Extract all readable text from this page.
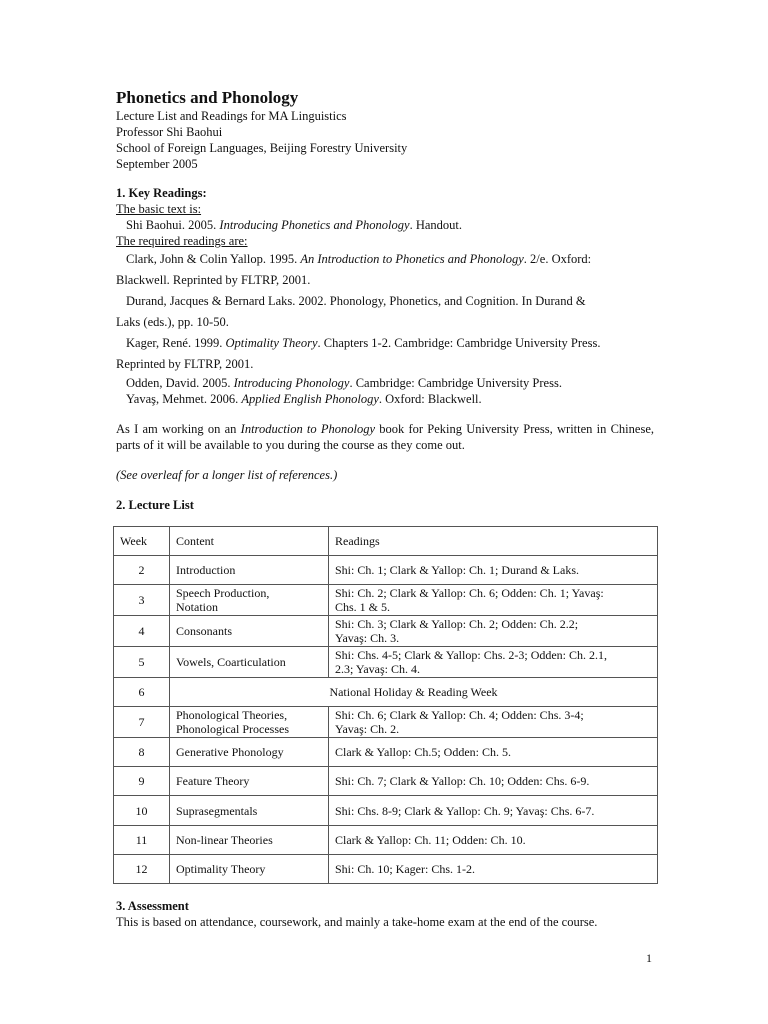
Phonetics and Phonology

Lecture List and Readings for MA Linguistics

Professor Shi Baohui

School of Foreign Languages, Beijing Forestry University

September 2005

1. Key Readings:

The basic text is:

Shi Baohui. 2005. Introducing Phonetics and Phonology. Handout.

The required readings are:

Clark, John & Colin Yallop. 1995. An Introduction to Phonetics and Phonology. 2/e. Oxford:
Blackwell. Reprinted by FLTRP, 2001.

Durand, Jacques & Bernard Laks. 2002. Phonology, Phonetics, and Cognition. In Durand &
Laks (eds.), pp. 10-50.

Kager, René. 1999. Optimality Theory. Chapters 1-2. Cambridge: Cambridge University Press.
Reprinted by FLTRP, 2001.

Odden, David. 2005. Introducing Phonology. Cambridge: Cambridge University Press.

Yavaş, Mehmet. 2006. Applied English Phonology. Oxford: Blackwell.

As I am working on an Introduction to Phonology book for Peking University Press, written in Chinese, parts of it will be available to you during the course as they come out.

(See overleaf for a longer list of references.)

2. Lecture List

Week	Content	Readings
2	Introduction	Shi: Ch. 1; Clark & Yallop: Ch. 1; Durand & Laks.
3	Speech Production,
Notation	Shi: Ch. 2; Clark & Yallop: Ch. 6; Odden: Ch. 1; Yavaş:
Chs. 1 & 5.
4	Consonants	Shi: Ch. 3; Clark & Yallop: Ch. 2; Odden: Ch. 2.2;
Yavaş: Ch. 3.
5	Vowels, Coarticulation	Shi: Chs. 4-5; Clark & Yallop: Chs. 2-3; Odden: Ch. 2.1,
2.3; Yavaş: Ch. 4.
6	National Holiday & Reading Week	
7	Phonological Theories,
Phonological Processes	Shi: Ch. 6; Clark & Yallop: Ch. 4; Odden: Chs. 3-4;
Yavaş: Ch. 2.
8	Generative Phonology	Clark & Yallop: Ch.5; Odden: Ch. 5.
9	Feature Theory	Shi: Ch. 7; Clark & Yallop: Ch. 10; Odden: Chs. 6-9.
10	Suprasegmentals	Shi: Chs. 8-9; Clark & Yallop: Ch. 9; Yavaş: Chs. 6-7.
11	Non-linear Theories	Clark & Yallop: Ch. 11; Odden: Ch. 10.
12	Optimality Theory	Shi: Ch. 10; Kager: Chs. 1-2.

3. Assessment

This is based on attendance, coursework, and mainly a take-home exam at the end of the course.

1
